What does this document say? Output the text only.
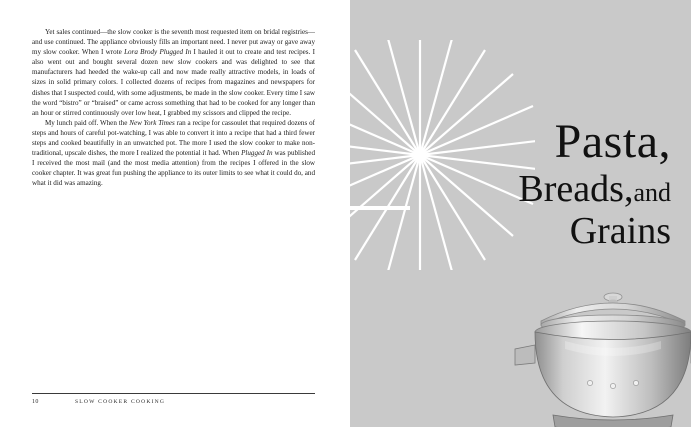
Yet sales continued—the slow cooker is the seventh most requested item on bridal registries—and use continued. The appliance obviously fills an important need. I never put away or gave away my slow cooker. When I wrote Lora Brody Plugged In I hauled it out to create and test recipes. I also went out and bought several dozen new slow cookers and was delighted to see that manufacturers had heeded the wake-up call and now made really attractive models, in loads of sizes in solid primary colors. I collected dozens of recipes from magazines and newspapers for dishes that I suspected could, with some adjustments, be made in the slow cooker. Every time I saw the word “bistro” or “braised” or came across something that had to be cooked for any longer than an hour or stirred continuously over low heat, I grabbed my scissors and clipped the recipe.

My lunch paid off. When the New York Times ran a recipe for cassoulet that required dozens of steps and hours of careful pot-watching, I was able to convert it into a recipe that had a third fewer steps and cooked beautifully in an unwatched pot. The more I used the slow cooker to make non-traditional, upscale dishes, the more I realized the potential it had. When Plugged In was published I received the most mail (and the most media attention) from the recipes I offered in the slow cooker chapter. It was great fun pushing the appliance to its outer limits to see what it could do, and what it did was amazing.

10	SLOW COOKER COOKING
Pasta,
Breads,and
Grains
